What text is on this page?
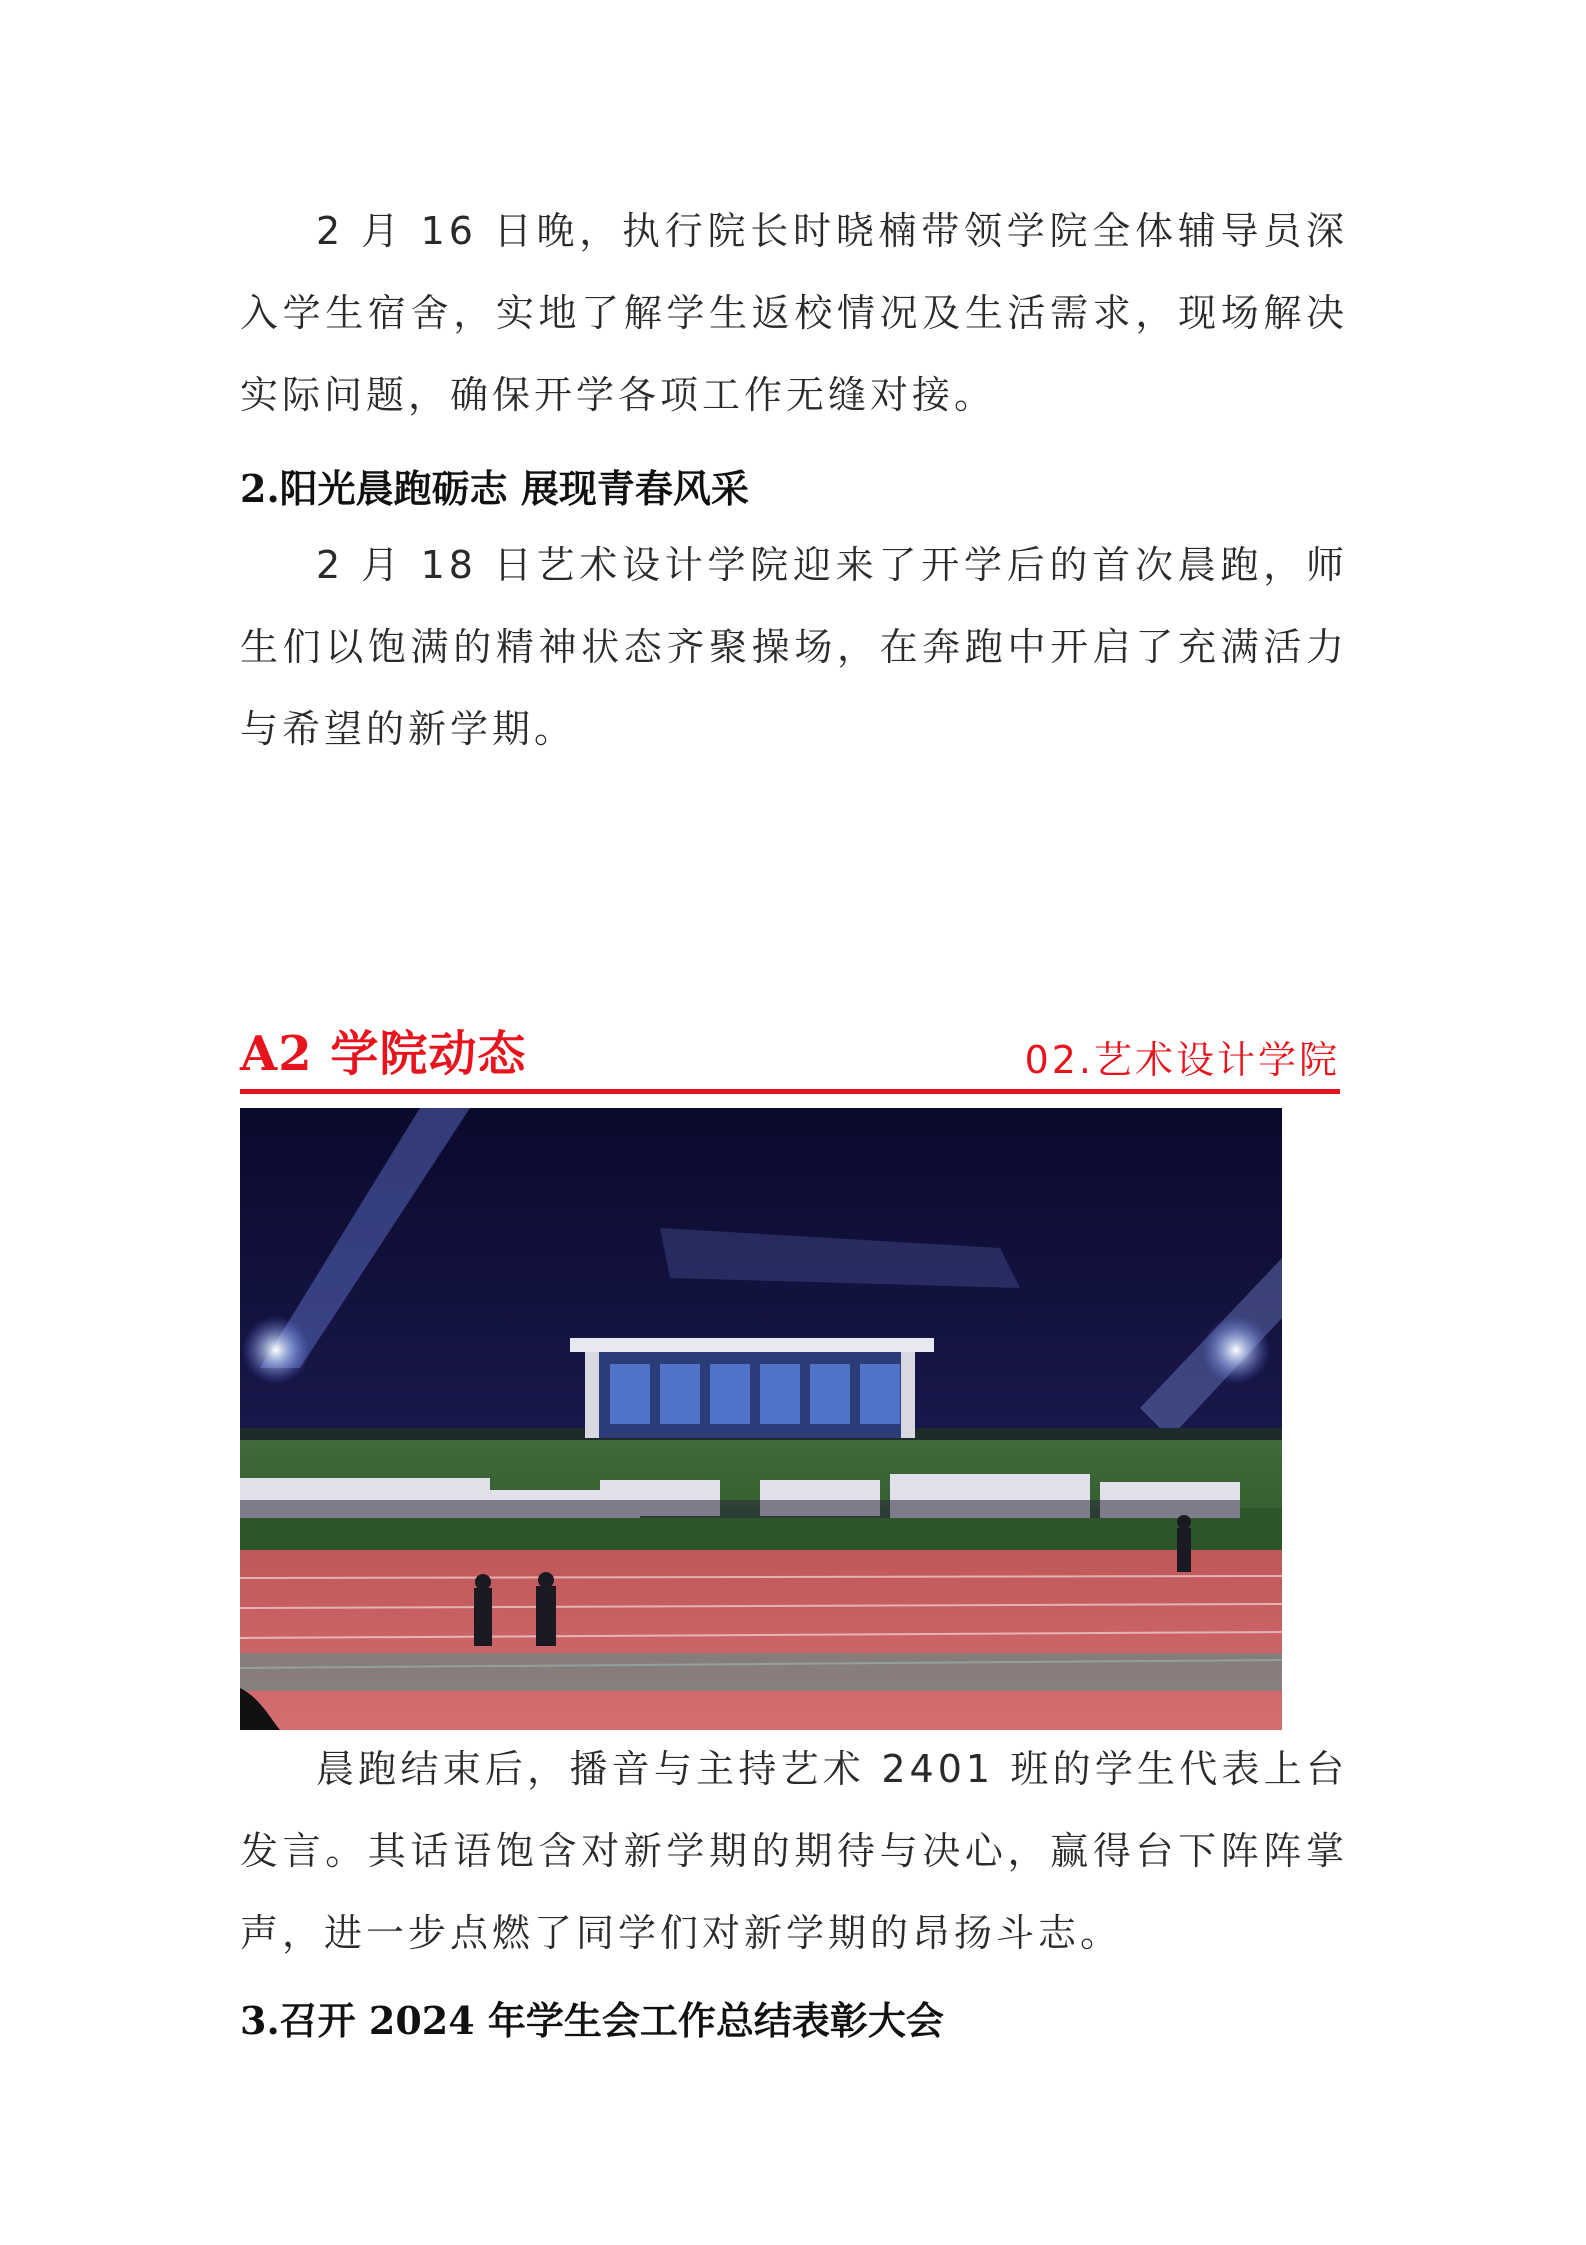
2 月 16 日晚，执行院长时晓楠带领学院全体辅导员深入学生宿舍，实地了解学生返校情况及生活需求，现场解决实际问题，确保开学各项工作无缝对接。

2.阳光晨跑砺志 展现青春风采

2 月 18 日艺术设计学院迎来了开学后的首次晨跑，师生们以饱满的精神状态齐聚操场，在奔跑中开启了充满活力与希望的新学期。

A2 学院动态	02.艺术设计学院

晨跑结束后，播音与主持艺术 2401 班的学生代表上台发言。其话语饱含对新学期的期待与决心，赢得台下阵阵掌声，进一步点燃了同学们对新学期的昂扬斗志。

3.召开 2024 年学生会工作总结表彰大会
